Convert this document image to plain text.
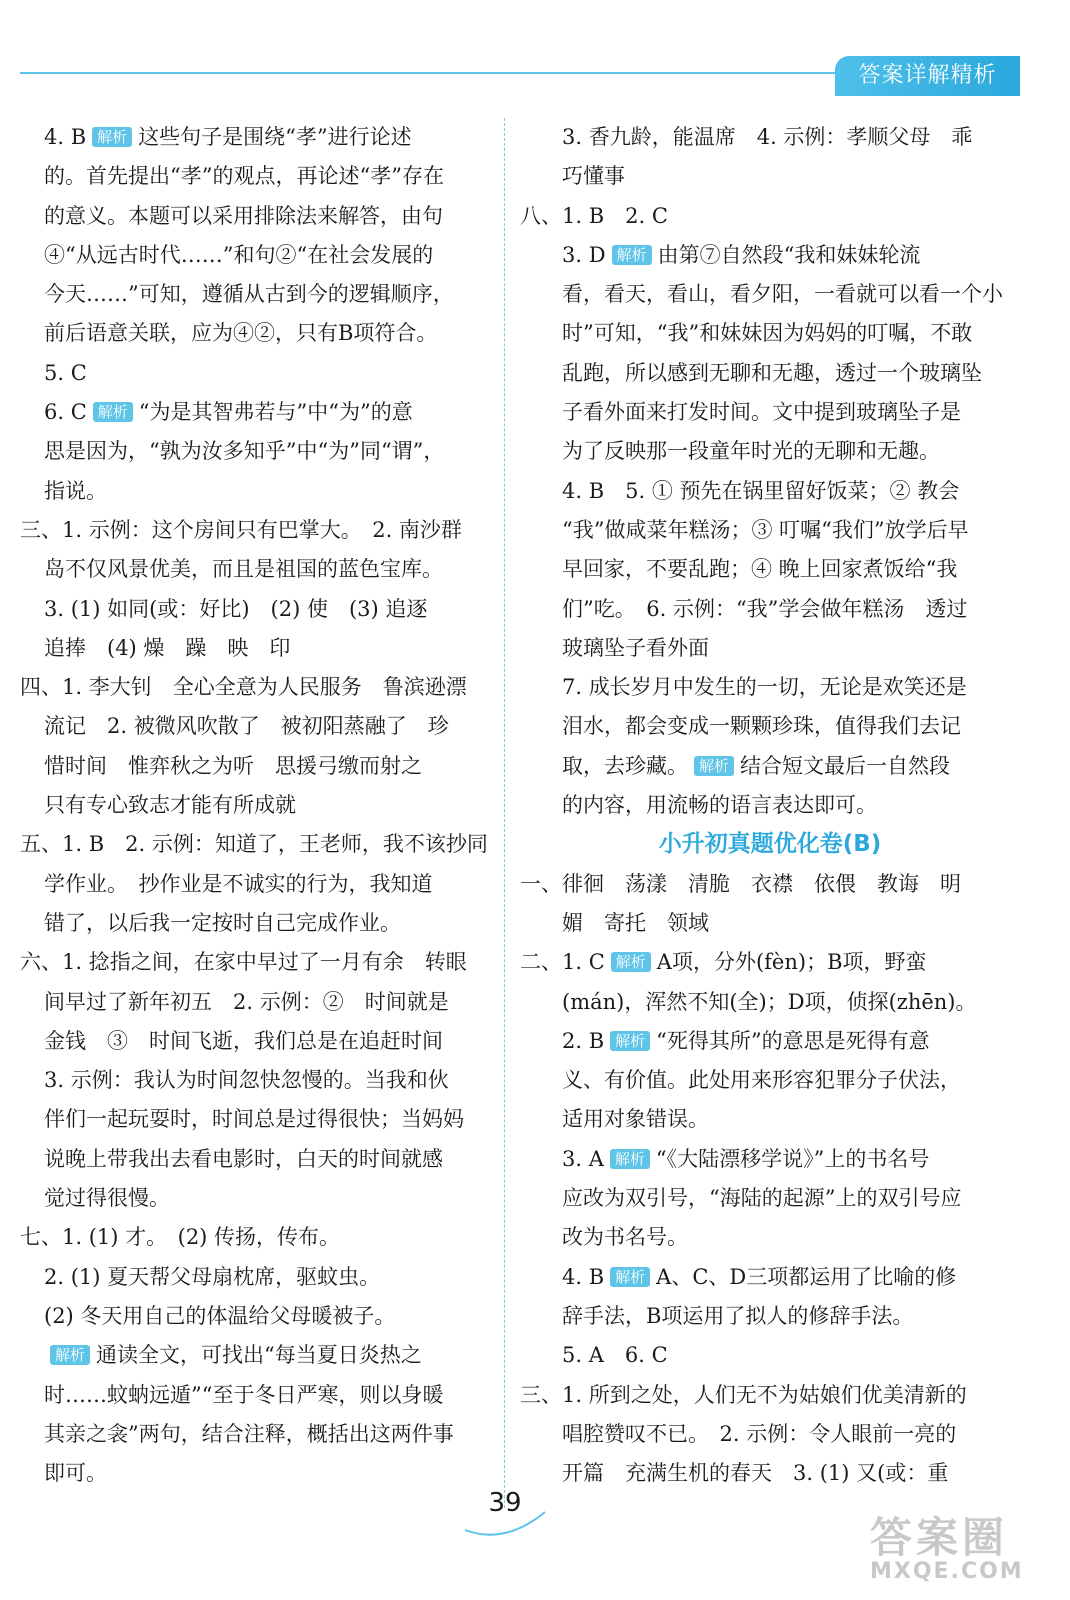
答案详解精析
4. B 解析 这些句子是围绕“孝”进行论述
的。首先提出“孝”的观点，再论述“孝”存在
的意义。本题可以采用排除法来解答，由句
④“从远古时代……”和句②“在社会发展的
今天……”可知，遵循从古到今的逻辑顺序，
前后语意关联，应为④②，只有B项符合。
5. C
6. C 解析 “为是其智弗若与”中“为”的意
思是因为，“孰为汝多知乎”中“为”同“谓”，
指说。
三、1. 示例：这个房间只有巴掌大。　2. 南沙群
岛不仅风景优美，而且是祖国的蓝色宝库。
3. (1) 如同(或：好比)　(2) 使　(3) 追逐
追捧　(4) 燥　躁　映　印
四、1. 李大钊　全心全意为人民服务　鲁滨逊漂
流记　2. 被微风吹散了　被初阳蒸融了　珍
惜时间　惟弈秋之为听　思援弓缴而射之
只有专心致志才能有所成就
五、1. B　2. 示例：知道了，王老师，我不该抄同
学作业。　抄作业是不诚实的行为，我知道
错了，以后我一定按时自己完成作业。
六、1. 捻指之间，在家中早过了一月有余　转眼
间早过了新年初五　2. 示例：②　时间就是
金钱　③　时间飞逝，我们总是在追赶时间
3. 示例：我认为时间忽快忽慢的。当我和伙
伴们一起玩耍时，时间总是过得很快；当妈妈
说晚上带我出去看电影时，白天的时间就感
觉过得很慢。
七、1. (1) 才。　(2) 传扬，传布。
2. (1) 夏天帮父母扇枕席，驱蚊虫。
(2) 冬天用自己的体温给父母暖被子。
解析 通读全文，可找出“每当夏日炎热之
时……蚊蚋远遁”“至于冬日严寒，则以身暖
其亲之衾”两句，结合注释，概括出这两件事
即可。
3. 香九龄，能温席　4. 示例：孝顺父母　乖
巧懂事
八、1. B　2. C
3. D 解析 由第⑦自然段“我和妹妹轮流
看，看天，看山，看夕阳，一看就可以看一个小
时”可知，“我”和妹妹因为妈妈的叮嘱，不敢
乱跑，所以感到无聊和无趣，透过一个玻璃坠
子看外面来打发时间。文中提到玻璃坠子是
为了反映那一段童年时光的无聊和无趣。
4. B　5. ① 预先在锅里留好饭菜；② 教会
“我”做咸菜年糕汤；③ 叮嘱“我们”放学后早
早回家，不要乱跑；④ 晚上回家煮饭给“我
们”吃。　6. 示例：“我”学会做年糕汤　透过
玻璃坠子看外面
7. 成长岁月中发生的一切，无论是欢笑还是
泪水，都会变成一颗颗珍珠，值得我们去记
取，去珍藏。 解析 结合短文最后一自然段
的内容，用流畅的语言表达即可。
小升初真题优化卷(B)
一、徘徊　荡漾　清脆　衣襟　依偎　教诲　明
媚　寄托　领域
二、1. C 解析 A项，分外(fèn)；B项，野蛮
(mán)，浑然不知(全)；D项，侦探(zhēn)。
2. B 解析 “死得其所”的意思是死得有意
义、有价值。此处用来形容犯罪分子伏法，
适用对象错误。
3. A 解析 “《大陆漂移学说》”上的书名号
应改为双引号，“海陆的起源”上的双引号应
改为书名号。
4. B 解析 A、C、D三项都运用了比喻的修
辞手法，B项运用了拟人的修辞手法。
5. A　6. C
三、1. 所到之处，人们无不为姑娘们优美清新的
唱腔赞叹不已。　2. 示例：令人眼前一亮的
开篇　充满生机的春天　3. (1) 又(或：重
39
答案圈
MXQE.COM
